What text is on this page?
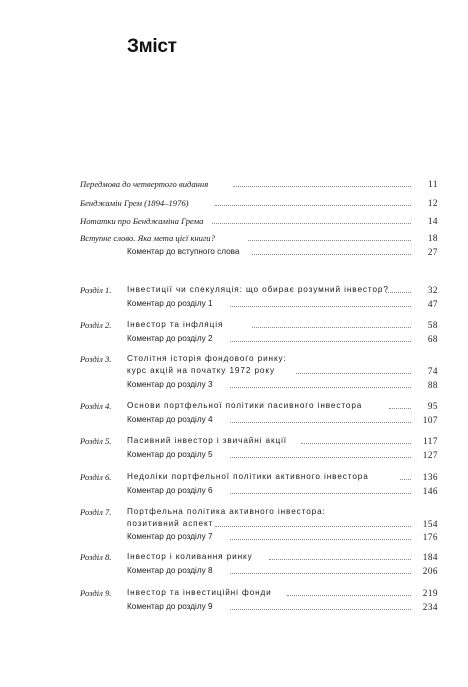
Зміст
Передмова до четвертого видання	11
Бенджамін Грем (1894–1976)	12
Нотатки про Бенджаміна Грема	14
Вступне слово. Яка мета цієї книги?	18
Коментар до вступного слова	27
Розділ 1. Інвестиції чи спекуляція: що обирає розумний інвестор?	32
Коментар до розділу 1	47
Розділ 2. Інвестор та інфляція	58
Коментар до розділу 2	68
Розділ 3. Столітня історія фондового ринку:
курс акцій на початку 1972 року	74
Коментар до розділу 3	88
Розділ 4. Основи портфельної політики пасивного інвестора	95
Коментар до розділу 4	107
Розділ 5. Пасивний інвестор і звичайні акції	117
Коментар до розділу 5	127
Розділ 6. Недоліки портфельної політики активного інвестора	136
Коментар до розділу 6	146
Розділ 7. Портфельна політика активного інвестора:
позитивний аспект	154
Коментар до розділу 7	176
Розділ 8. Інвестор і коливання ринку	184
Коментар до розділу 8	206
Розділ 9. Інвестор та інвестиційні фонди	219
Коментар до розділу 9	234
